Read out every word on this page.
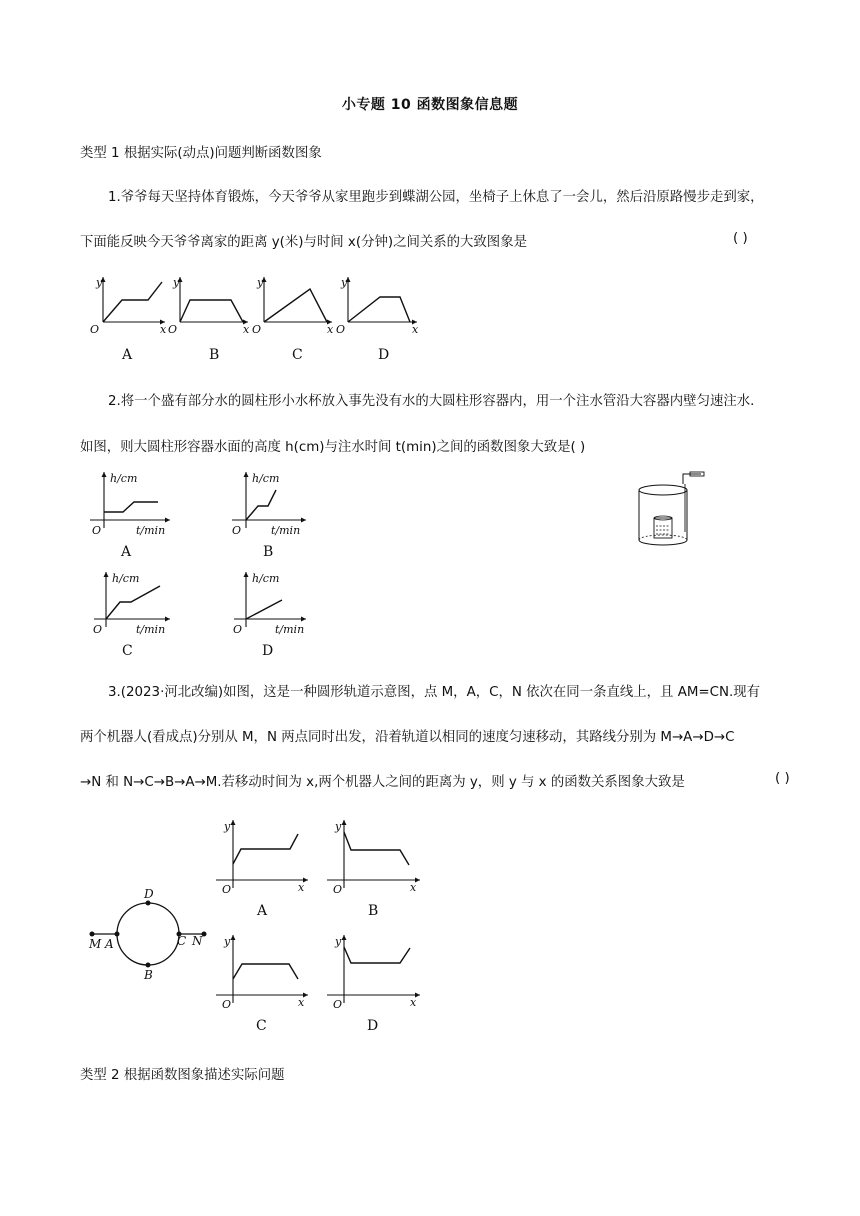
小专题 10 函数图象信息题
类型 1 根据实际(动点)问题判断函数图象
1.爷爷每天坚持体育锻炼，今天爷爷从家里跑步到蝶湖公园，坐椅子上休息了一会儿，然后沿原路慢步走到家，
下面能反映今天爷爷离家的距离 y(米)与时间 x(分钟)之间关系的大致图象是	( )
y
x
O
A
y
x
O
B
y
x
O
C
y
x
O
D
2.将一个盛有部分水的圆柱形小水杯放入事先没有水的大圆柱形容器内，用一个注水管沿大容器内壁匀速注水.
如图，则大圆柱形容器水面的高度 h(cm)与注水时间 t(min)之间的函数图象大致是( )
h/cm
t/min
O
A
h/cm
t/min
O
B
h/cm
t/min
O
C
h/cm
t/min
O
D
3.(2023·河北改编)如图，这是一种圆形轨道示意图，点 M，A，C，N 依次在同一条直线上，且 AM=CN.现有
两个机器人(看成点)分别从 M，N 两点同时出发，沿着轨道以相同的速度匀速移动，其路线分别为 M→A→D→C
→N 和 N→C→B→A→M.若移动时间为 x,两个机器人之间的距离为 y，则 y 与 x 的函数关系图象大致是	( )
M A
D
C N
B
y
x
O
A
y
x
O
B
y
x
O
C
y
x
O
D
类型 2 根据函数图象描述实际问题
